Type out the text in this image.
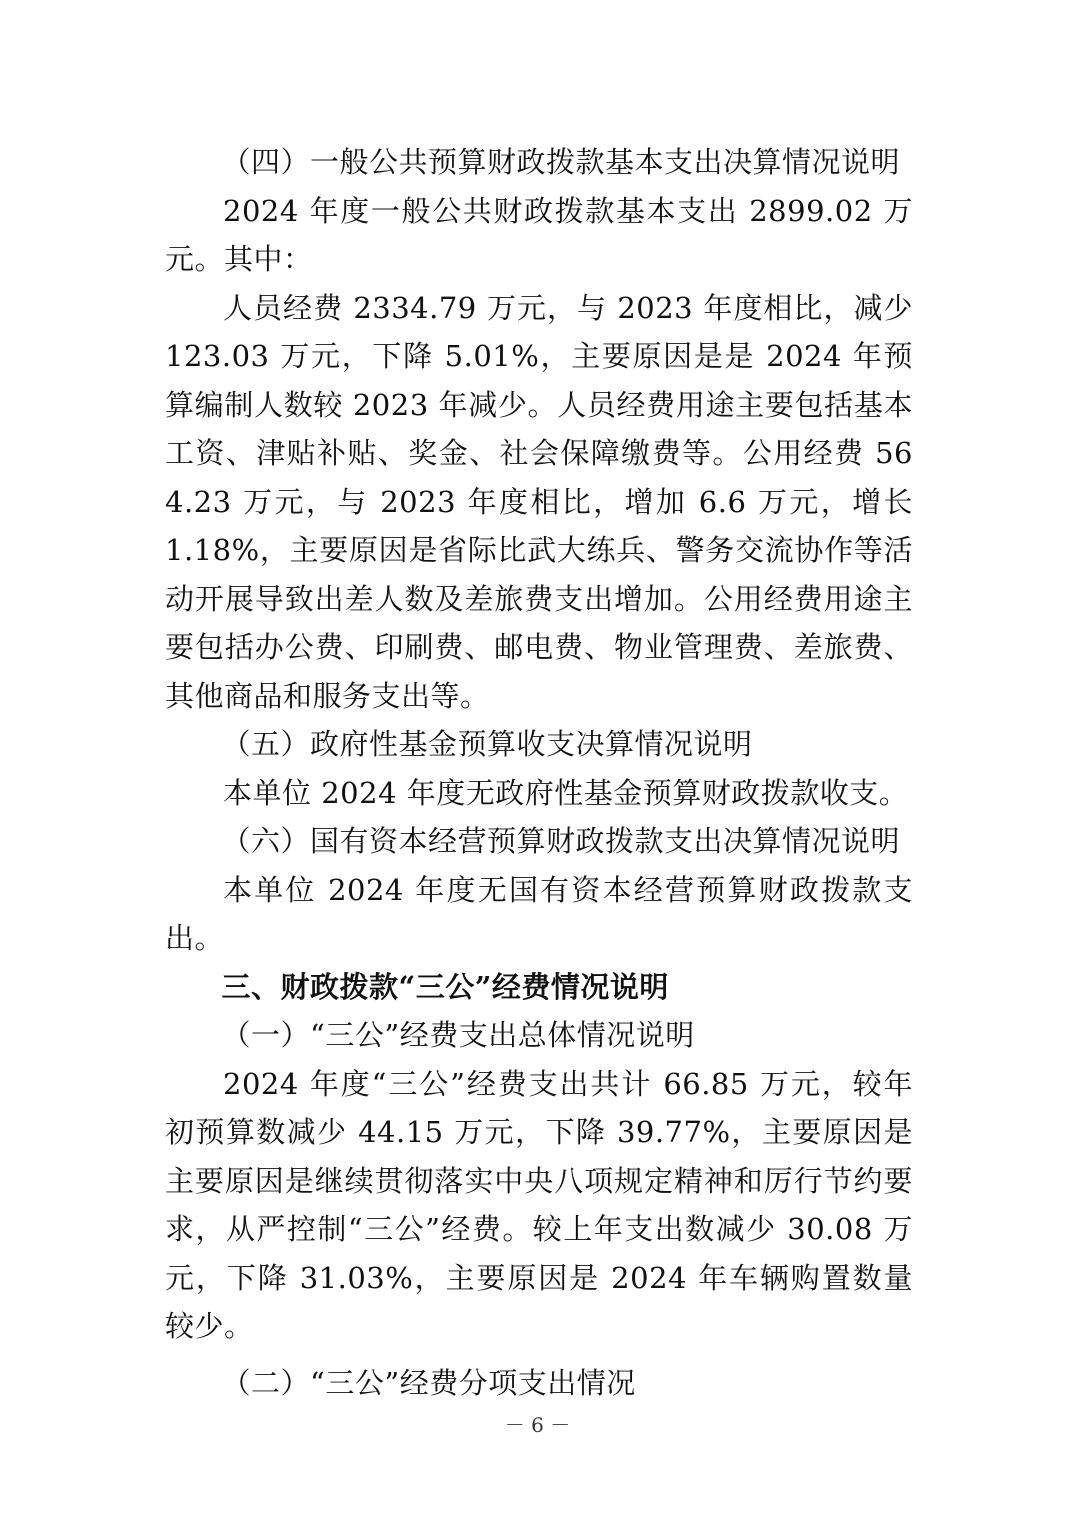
（四）一般公共预算财政拨款基本支出决算情况说明

2024 年度一般公共财政拨款基本支出 2899.02 万元。其中：

人员经费 2334.79 万元，与 2023 年度相比，减少 123.03 万元，下降 5.01%，主要原因是是 2024 年预算编制人数较 2023 年减少。人员经费用途主要包括基本工资、津贴补贴、奖金、社会保障缴费等。公用经费 564.23 万元，与 2023 年度相比，增加 6.6 万元，增长 1.18%，主要原因是省际比武大练兵、警务交流协作等活动开展导致出差人数及差旅费支出增加。公用经费用途主要包括办公费、印刷费、邮电费、物业管理费、差旅费、其他商品和服务支出等。

（五）政府性基金预算收支决算情况说明

本单位 2024 年度无政府性基金预算财政拨款收支。

（六）国有资本经营预算财政拨款支出决算情况说明

本单位 2024 年度无国有资本经营预算财政拨款支出。

三、财政拨款“三公”经费情况说明

（一）“三公”经费支出总体情况说明

2024 年度“三公”经费支出共计 66.85 万元，较年初预算数减少 44.15 万元，下降 39.77%，主要原因是主要原因是继续贯彻落实中央八项规定精神和厉行节约要求，从严控制“三公”经费。较上年支出数减少 30.08 万元，下降 31.03%，主要原因是 2024 年车辆购置数量较少。

（二）“三公”经费分项支出情况

－ 6 －
